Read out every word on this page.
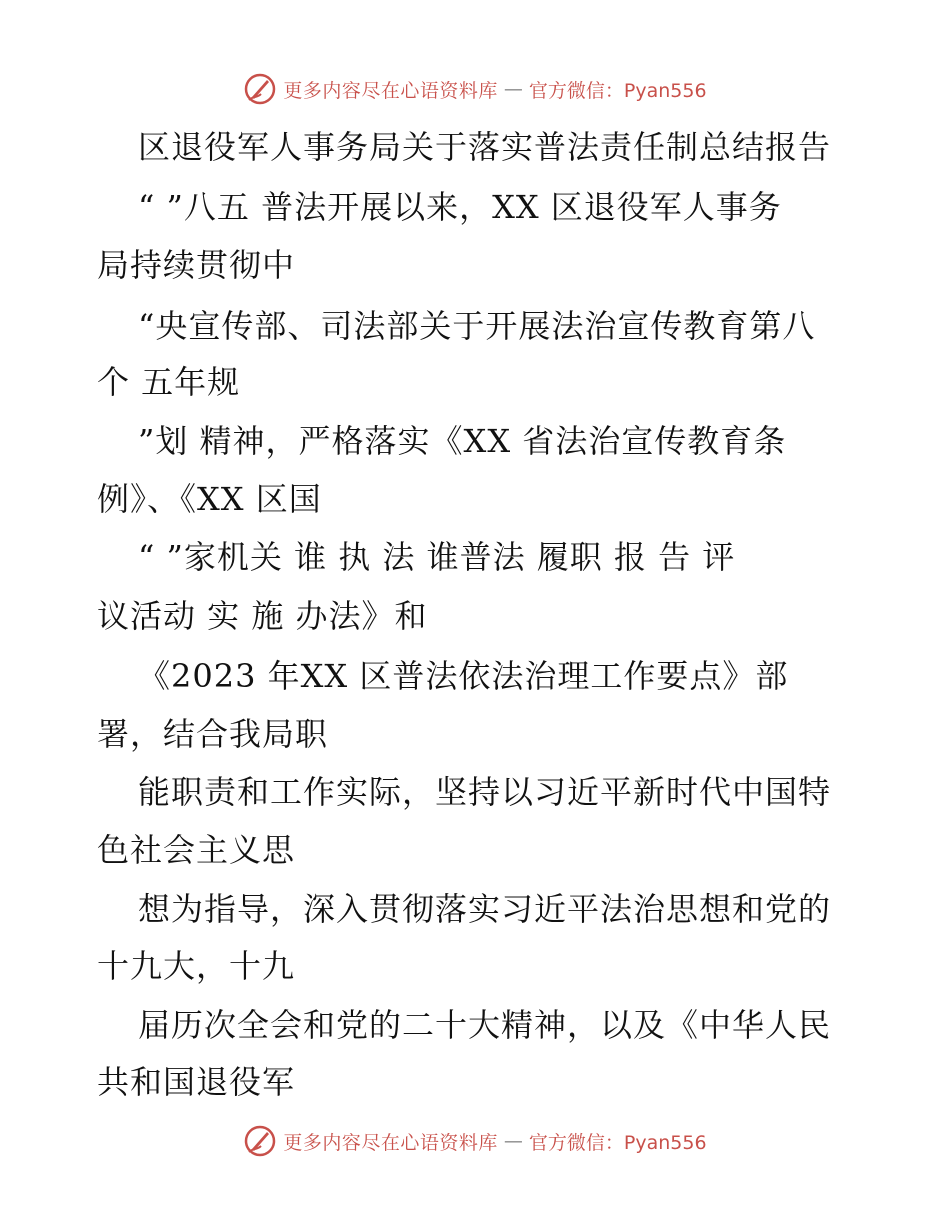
更多内容尽在心语资料库 — 官方微信：Pyan556
区退役军人事务局关于落实普法责任制总结报告
“ ”八五 普法开展以来，XX 区退役军人事务
局持续贯彻中
“央宣传部、司法部关于开展法治宣传教育第八
个 五年规
”划 精神，严格落实《XX 省法治宣传教育条
例》、《XX 区国
“ ”家机关 谁 执 法 谁普法 履职 报 告 评
议活动 实 施 办法》和
《2023 年XX 区普法依法治理工作要点》部
署，结合我局职
能职责和工作实际，坚持以习近平新时代中国特
色社会主义思
想为指导，深入贯彻落实习近平法治思想和党的
十九大，十九
届历次全会和党的二十大精神，以及《中华人民
共和国退役军
更多内容尽在心语资料库 — 官方微信：Pyan556
